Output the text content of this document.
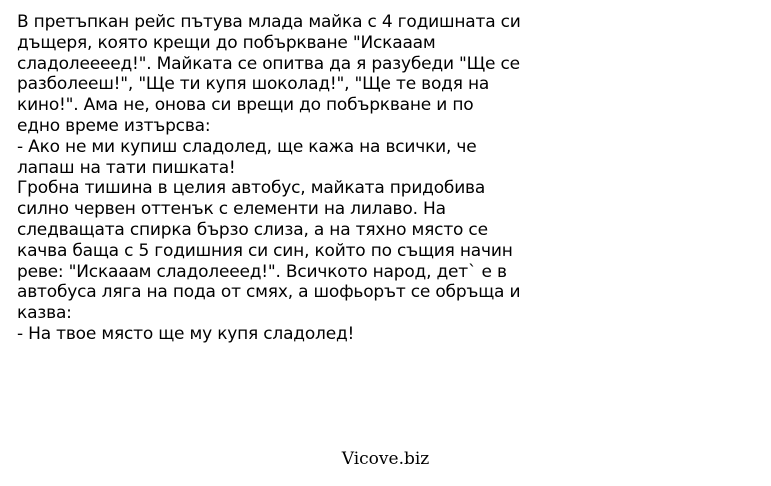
В претъпкан рейс пътува млада майка с 4 годишната си
дъщеря, която крещи до побъркване "Искааам
сладолеееед!". Майката се опитва да я разубеди "Ще се
разболееш!", "Ще ти купя шоколад!", "Ще те водя на
кино!". Ама не, онова си врещи до побъркване и по
едно време изтърсва:
- Ако не ми купиш сладолед, ще кажа на всички, че
лапаш на тати пишката!
Гробна тишина в целия автобус, майката придобива
силно червен оттенък с елементи на лилаво. На
следващата спирка бързо слиза, а на тяхно място се
качва баща с 5 годишния си син, който по същия начин
реве: "Искааам сладолееед!". Всичкото народ, дет` е в
автобуса ляга на пода от смях, а шофьорът се обръща и
казва:
- На твое място ще му купя сладолед!
Vicove.biz
